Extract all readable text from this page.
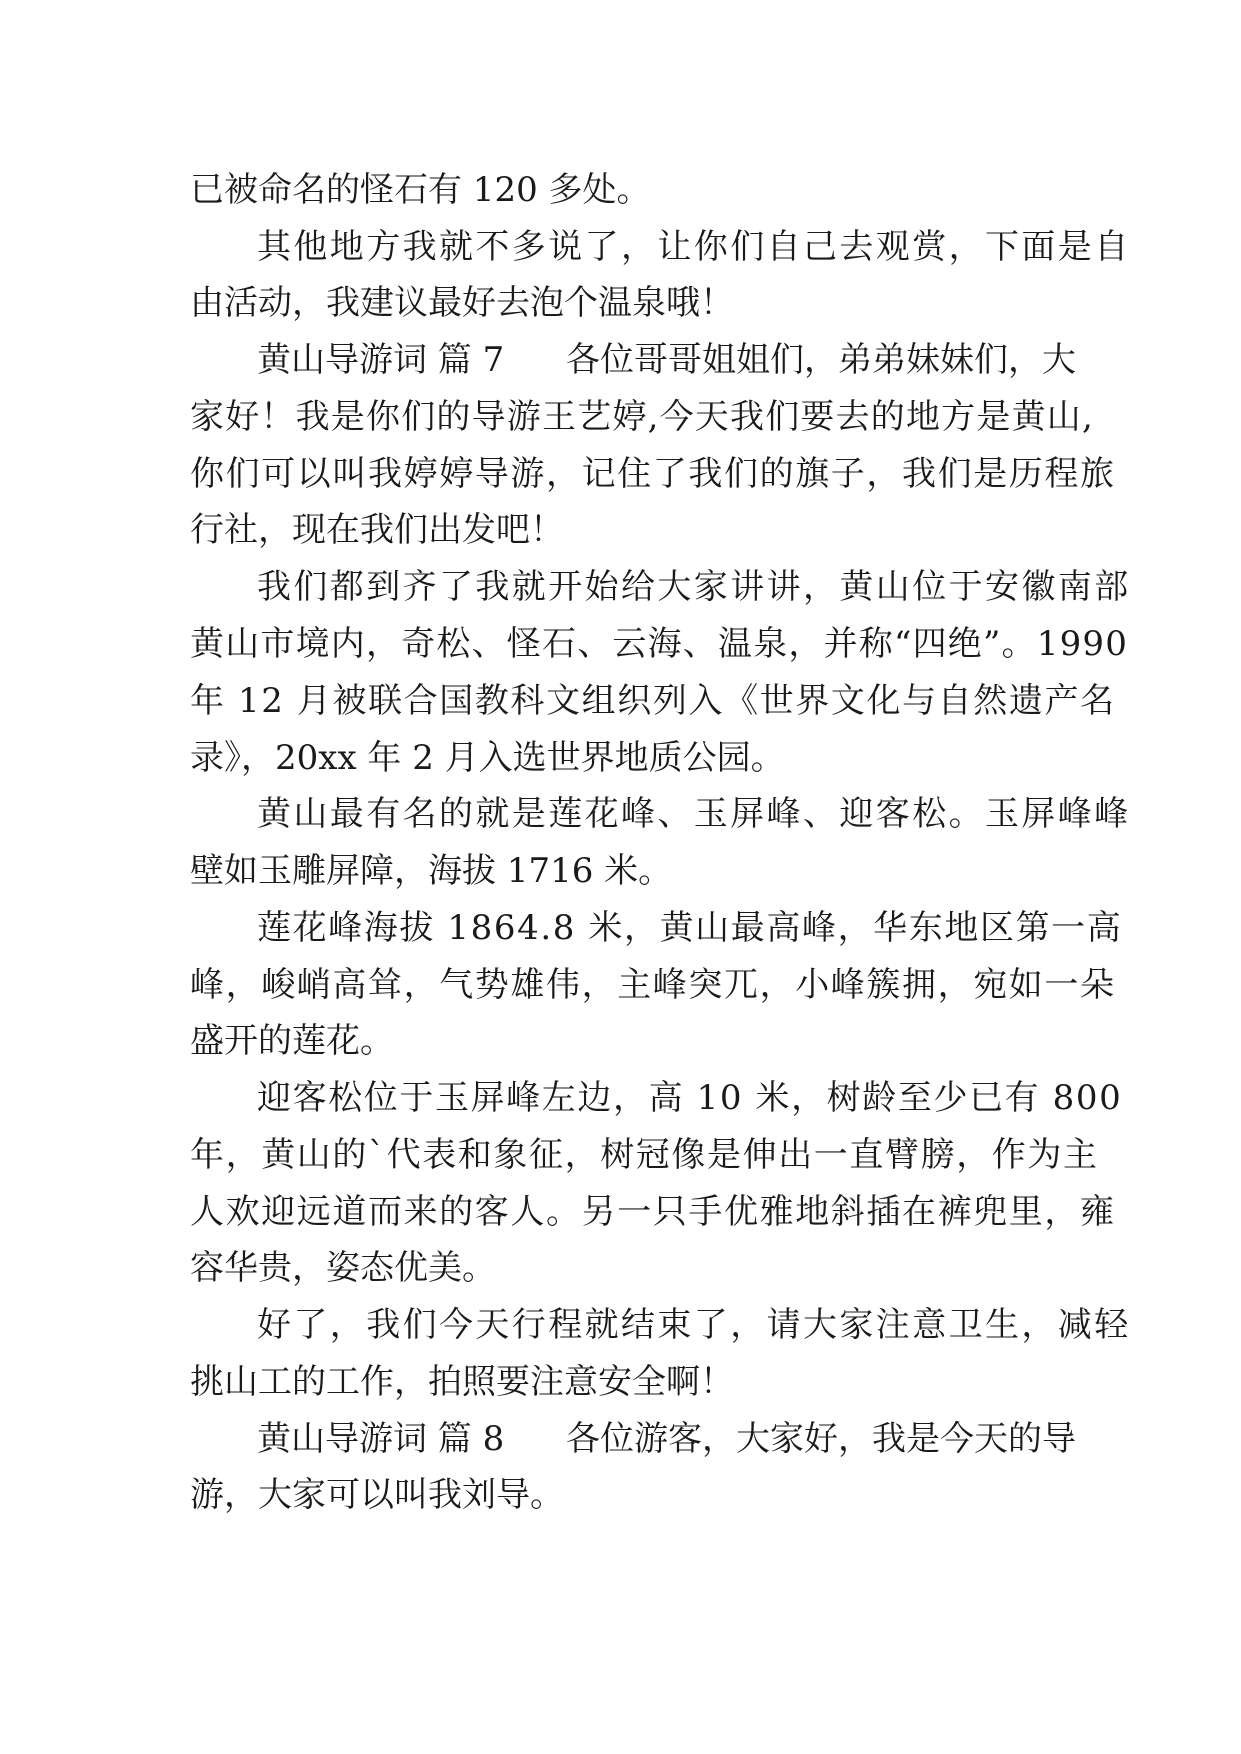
已被命名的怪石有 120 多处。
其他地方我就不多说了，让你们自己去观赏，下面是自
由活动，我建议最好去泡个温泉哦！
黄山导游词 篇 7 各位哥哥姐姐们，弟弟妹妹们，大
家好！我是你们的导游王艺婷,今天我们要去的地方是黄山,
你们可以叫我婷婷导游，记住了我们的旗子，我们是历程旅
行社，现在我们出发吧！
我们都到齐了我就开始给大家讲讲，黄山位于安徽南部
黄山市境内，奇松、怪石、云海、温泉，并称“四绝”。1990
年 12 月被联合国教科文组织列入《世界文化与自然遗产名
录》，20xx 年 2 月入选世界地质公园。
黄山最有名的就是莲花峰、玉屏峰、迎客松。玉屏峰峰
壁如玉雕屏障，海拔 1716 米。
莲花峰海拔 1864.8 米，黄山最高峰，华东地区第一高
峰，峻峭高耸，气势雄伟，主峰突兀，小峰簇拥，宛如一朵
盛开的莲花。
迎客松位于玉屏峰左边，高 10 米，树龄至少已有 800
年，黄山的`代表和象征，树冠像是伸出一直臂膀，作为主
人欢迎远道而来的客人。另一只手优雅地斜插在裤兜里，雍
容华贵，姿态优美。
好了，我们今天行程就结束了，请大家注意卫生，减轻
挑山工的工作，拍照要注意安全啊！
黄山导游词 篇 8 各位游客，大家好，我是今天的导
游，大家可以叫我刘导。
